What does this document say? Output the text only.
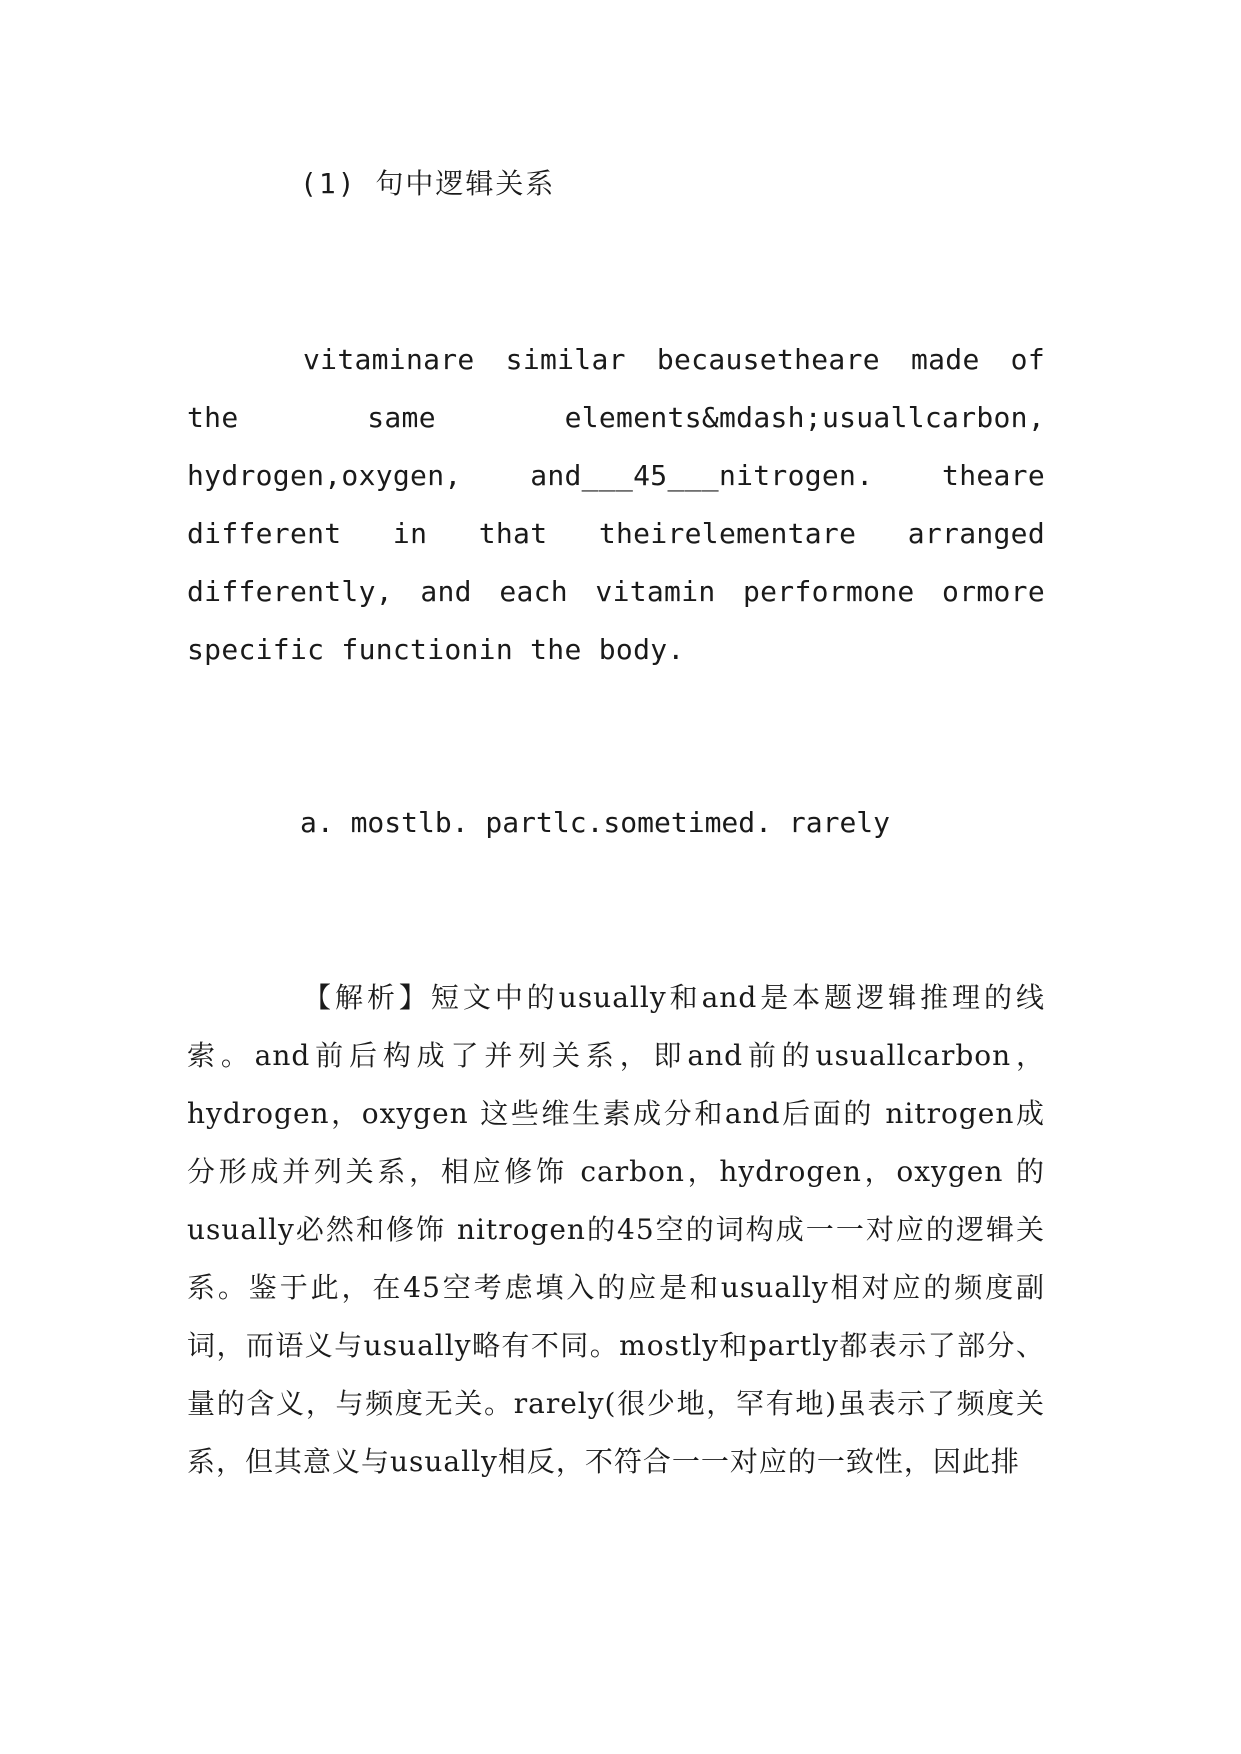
(1) 句中逻辑关系

vitaminare similar becausetheare made of the same elements&mdash;usuallcarbon, hydrogen,oxygen, and___45___nitrogen. theare different in that theirelementare arranged differently, and each vitamin performone ormore specific functionin the body.

a. mostlb. partlc.sometimed. rarely

【解析】短文中的usually和and是本题逻辑推理的线索。and前后构成了并列关系，即and前的usuallcarbon，hydrogen，oxygen 这些维生素成分和and后面的 nitrogen成分形成并列关系，相应修饰 carbon，hydrogen，oxygen 的usually必然和修饰 nitrogen的45空的词构成一一对应的逻辑关系。鉴于此，在45空考虑填入的应是和usually相对应的频度副词，而语义与usually略有不同。mostly和partly都表示了部分、量的含义，与频度无关。rarely(很少地，罕有地)虽表示了频度关系，但其意义与usually相反，不符合一一对应的一致性，因此排
